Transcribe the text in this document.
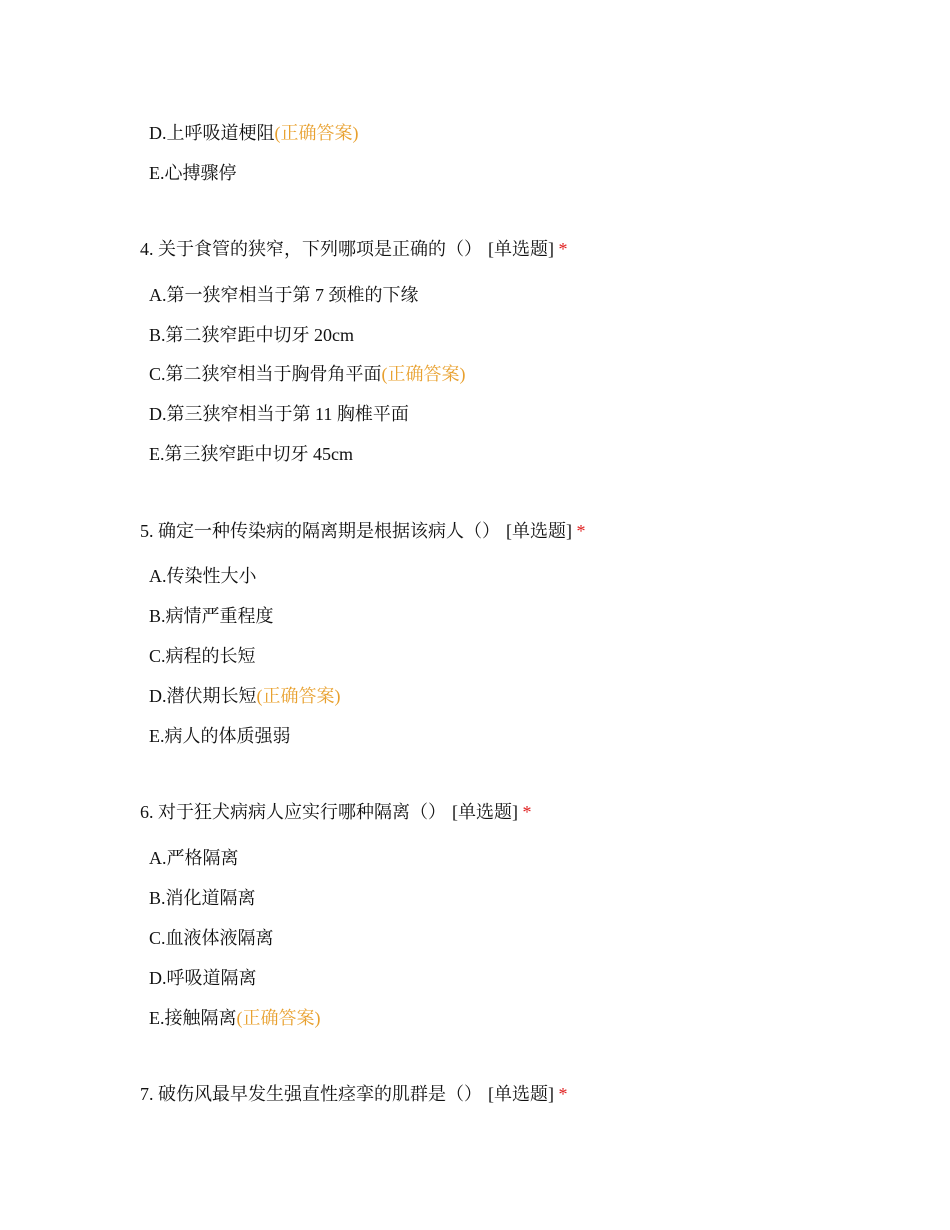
D.上呼吸道梗阻(正确答案)
E.心搏骤停
4. 关于食管的狭窄，下列哪项是正确的（） [单选题] *
A.第一狭窄相当于第 7 颈椎的下缘
B.第二狭窄距中切牙 20cm
C.第二狭窄相当于胸骨角平面(正确答案)
D.第三狭窄相当于第 11 胸椎平面
E.第三狭窄距中切牙 45cm
5. 确定一种传染病的隔离期是根据该病人（） [单选题] *
A.传染性大小
B.病情严重程度
C.病程的长短
D.潜伏期长短(正确答案)
E.病人的体质强弱
6. 对于狂犬病病人应实行哪种隔离（） [单选题] *
A.严格隔离
B.消化道隔离
C.血液体液隔离
D.呼吸道隔离
E.接触隔离(正确答案)
7. 破伤风最早发生强直性痉挛的肌群是（） [单选题] *
